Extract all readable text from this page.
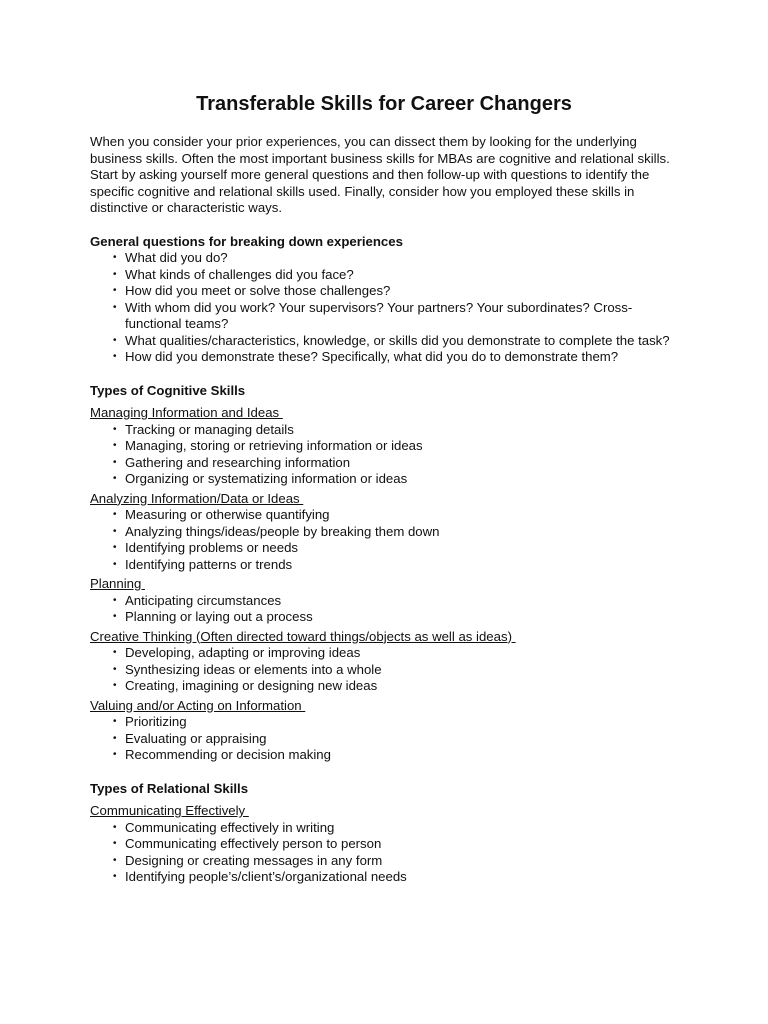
Transferable Skills for Career Changers

When you consider your prior experiences, you can dissect them by looking for the underlying business skills. Often the most important business skills for MBAs are cognitive and relational skills. Start by asking yourself more general questions and then follow-up with questions to identify the specific cognitive and relational skills used. Finally, consider how you employed these skills in distinctive or characteristic ways.

General questions for breaking down experiences

• What did you do?
• What kinds of challenges did you face?
• How did you meet or solve those challenges?
• With whom did you work? Your supervisors? Your partners? Your subordinates? Cross-functional teams?
• What qualities/characteristics, knowledge, or skills did you demonstrate to complete the task?
• How did you demonstrate these? Specifically, what did you do to demonstrate them?

Types of Cognitive Skills

Managing Information and Ideas

• Tracking or managing details
• Managing, storing or retrieving information or ideas
• Gathering and researching information
• Organizing or systematizing information or ideas

Analyzing Information/Data or Ideas

• Measuring or otherwise quantifying
• Analyzing things/ideas/people by breaking them down
• Identifying problems or needs
• Identifying patterns or trends

Planning

• Anticipating circumstances
• Planning or laying out a process

Creative Thinking (Often directed toward things/objects as well as ideas)

• Developing, adapting or improving ideas
• Synthesizing ideas or elements into a whole
• Creating, imagining or designing new ideas

Valuing and/or Acting on Information

• Prioritizing
• Evaluating or appraising
• Recommending or decision making

Types of Relational Skills

Communicating Effectively

• Communicating effectively in writing
• Communicating effectively person to person
• Designing or creating messages in any form
• Identifying people’s/client’s/organizational needs
